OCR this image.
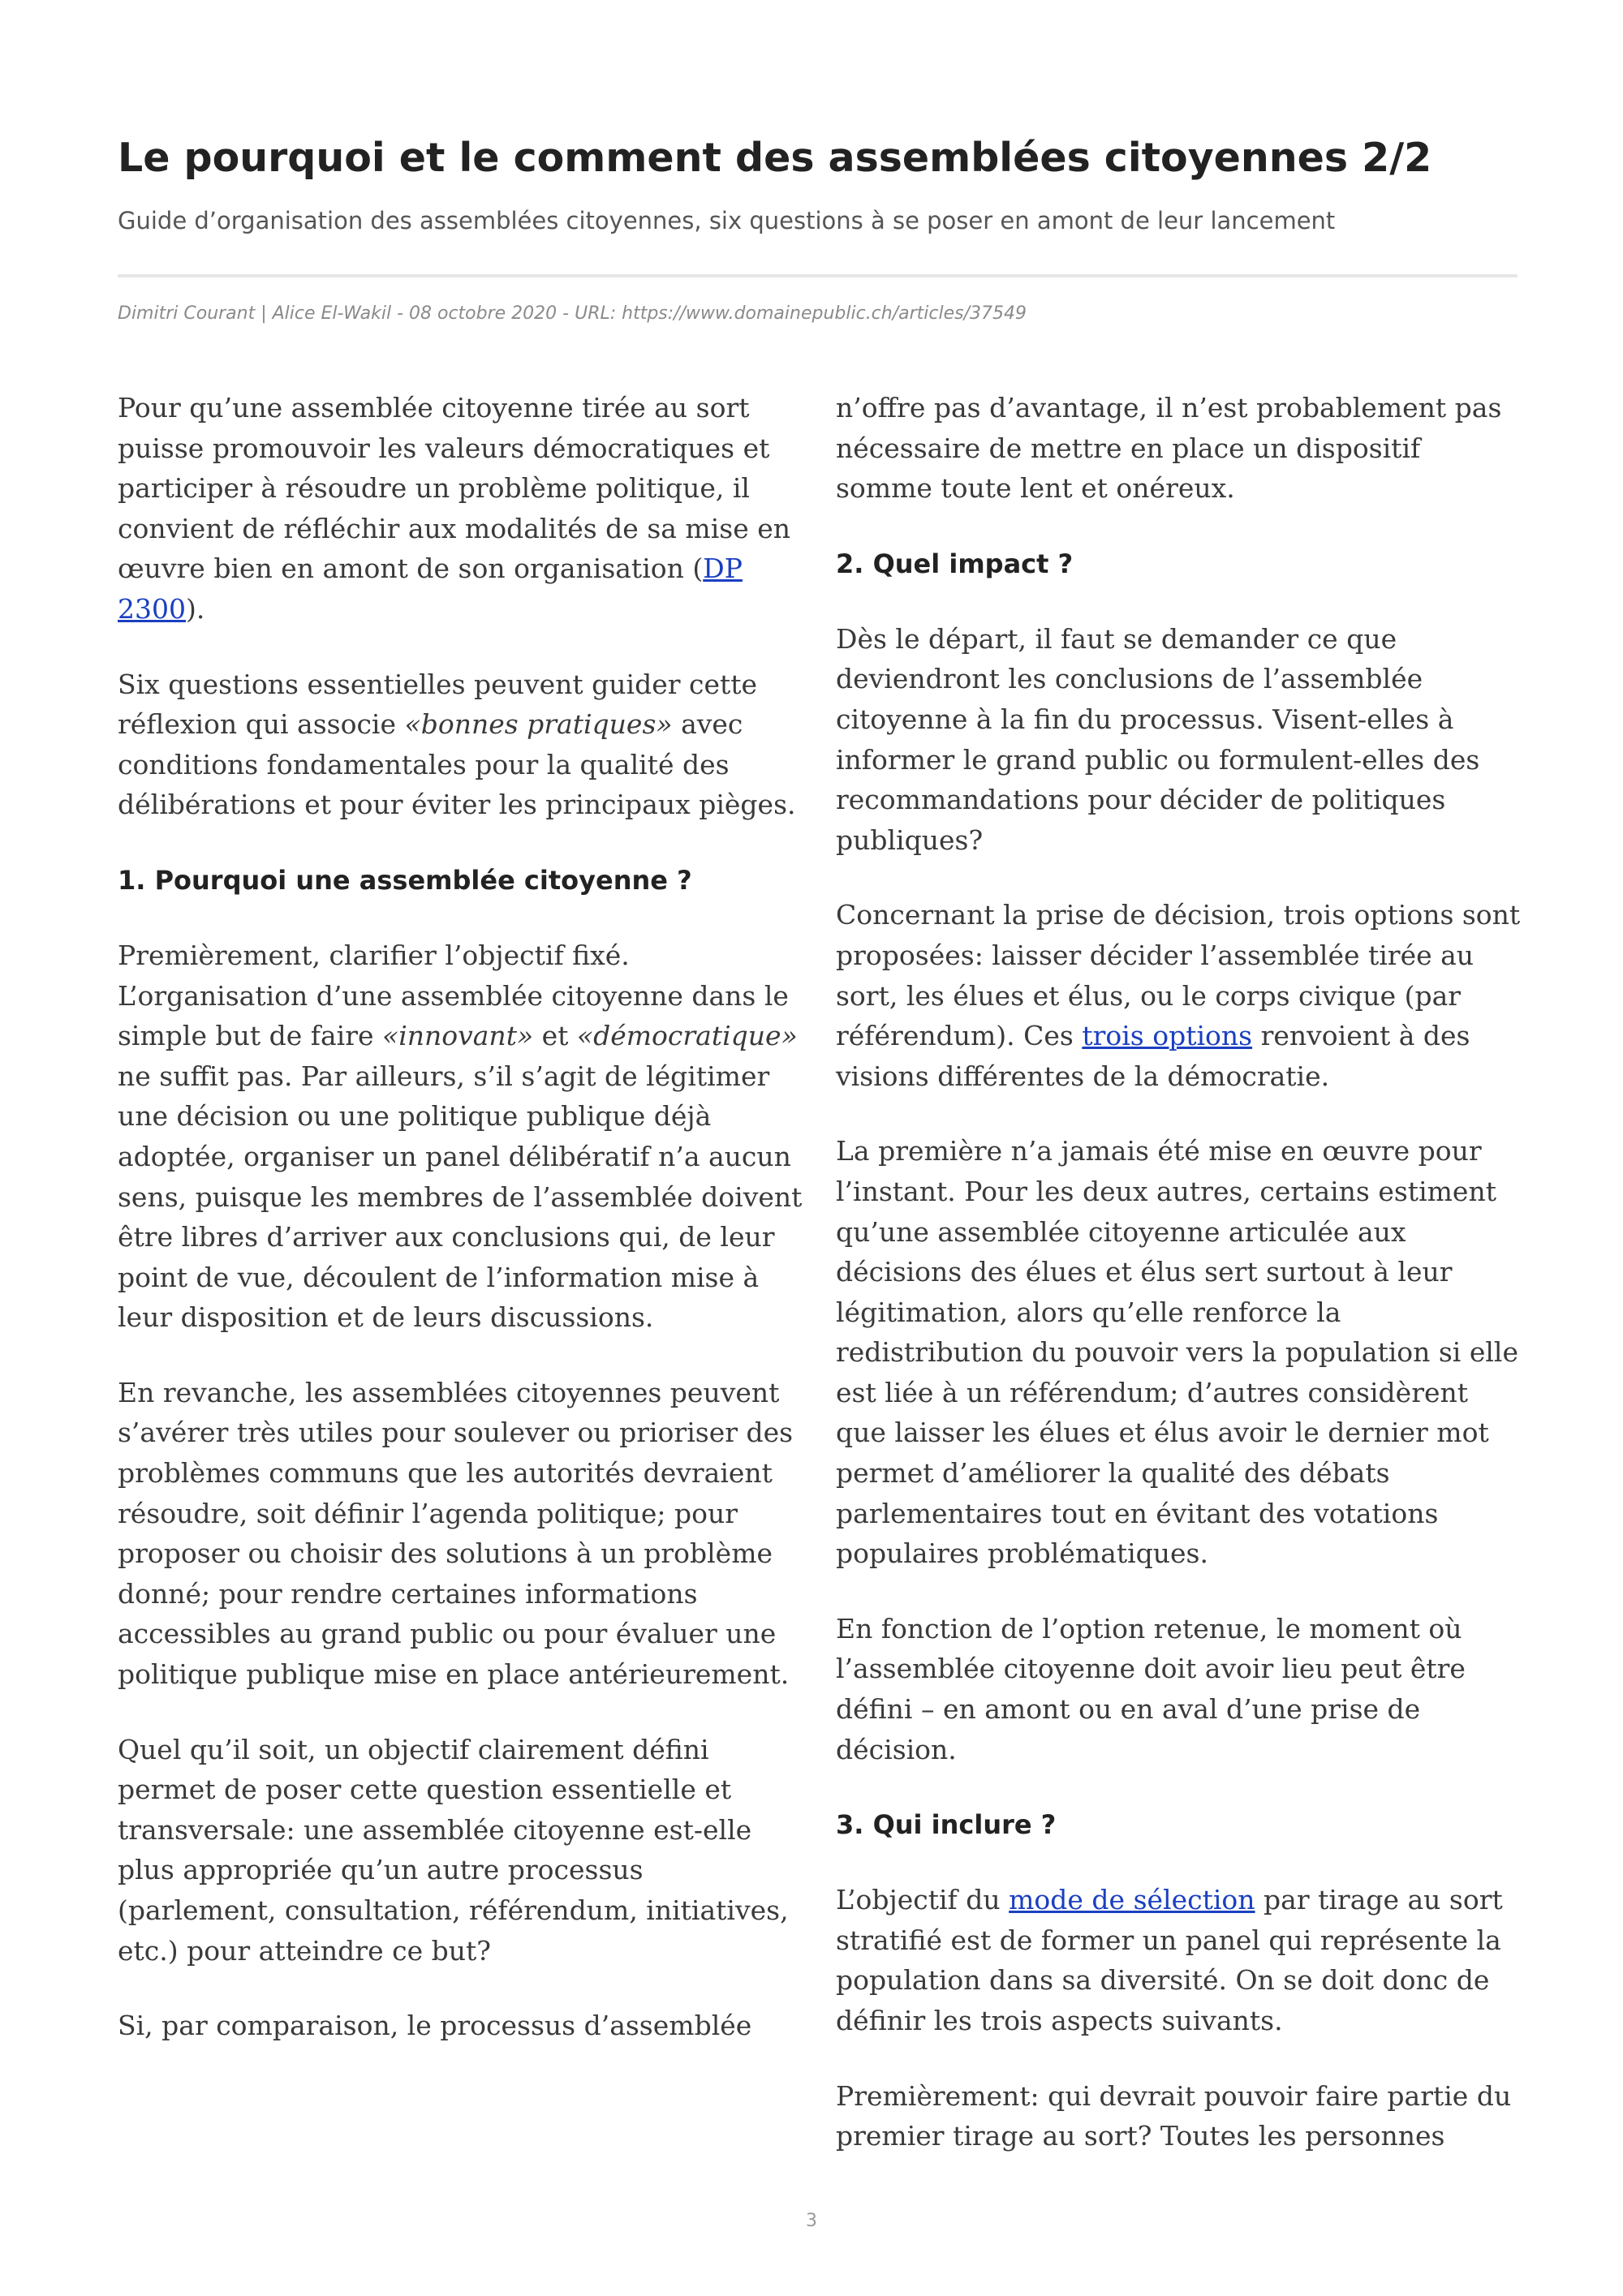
Le pourquoi et le comment des assemblées citoyennes 2/2
Guide d’organisation des assemblées citoyennes, six questions à se poser en amont de leur lancement
Dimitri Courant | Alice El-Wakil - 08 octobre 2020 - URL: https://www.domainepublic.ch/articles/37549

Pour qu’une assemblée citoyenne tirée au sort puisse promouvoir les valeurs démocratiques et participer à résoudre un problème politique, il convient de réfléchir aux modalités de sa mise en œuvre bien en amont de son organisation (DP 2300).

Six questions essentielles peuvent guider cette réflexion qui associe «bonnes pratiques» avec conditions fondamentales pour la qualité des délibérations et pour éviter les principaux pièges.

1. Pourquoi une assemblée citoyenne ?

Premièrement, clarifier l’objectif fixé. L’organisation d’une assemblée citoyenne dans le simple but de faire «innovant» et «démocratique» ne suffit pas. Par ailleurs, s’il s’agit de légitimer une décision ou une politique publique déjà adoptée, organiser un panel délibératif n’a aucun sens, puisque les membres de l’assemblée doivent être libres d’arriver aux conclusions qui, de leur point de vue, découlent de l’information mise à leur disposition et de leurs discussions.

En revanche, les assemblées citoyennes peuvent s’avérer très utiles pour soulever ou prioriser des problèmes communs que les autorités devraient résoudre, soit définir l’agenda politique; pour proposer ou choisir des solutions à un problème donné; pour rendre certaines informations accessibles au grand public ou pour évaluer une politique publique mise en place antérieurement.

Quel qu’il soit, un objectif clairement défini permet de poser cette question essentielle et transversale: une assemblée citoyenne est-elle plus appropriée qu’un autre processus (parlement, consultation, référendum, initiatives, etc.) pour atteindre ce but?

Si, par comparaison, le processus d’assemblée

n’offre pas d’avantage, il n’est probablement pas nécessaire de mettre en place un dispositif somme toute lent et onéreux.

2. Quel impact ?

Dès le départ, il faut se demander ce que deviendront les conclusions de l’assemblée citoyenne à la fin du processus. Visent-elles à informer le grand public ou formulent-elles des recommandations pour décider de politiques publiques?

Concernant la prise de décision, trois options sont proposées: laisser décider l’assemblée tirée au sort, les élues et élus, ou le corps civique (par référendum). Ces trois options renvoient à des visions différentes de la démocratie.

La première n’a jamais été mise en œuvre pour l’instant. Pour les deux autres, certains estiment qu’une assemblée citoyenne articulée aux décisions des élues et élus sert surtout à leur légitimation, alors qu’elle renforce la redistribution du pouvoir vers la population si elle est liée à un référendum; d’autres considèrent que laisser les élues et élus avoir le dernier mot permet d’améliorer la qualité des débats parlementaires tout en évitant des votations populaires problématiques.

En fonction de l’option retenue, le moment où l’assemblée citoyenne doit avoir lieu peut être défini – en amont ou en aval d’une prise de décision.

3. Qui inclure ?

L’objectif du mode de sélection par tirage au sort stratifié est de former un panel qui représente la population dans sa diversité. On se doit donc de définir les trois aspects suivants.

Premièrement: qui devrait pouvoir faire partie du premier tirage au sort? Toutes les personnes

3
